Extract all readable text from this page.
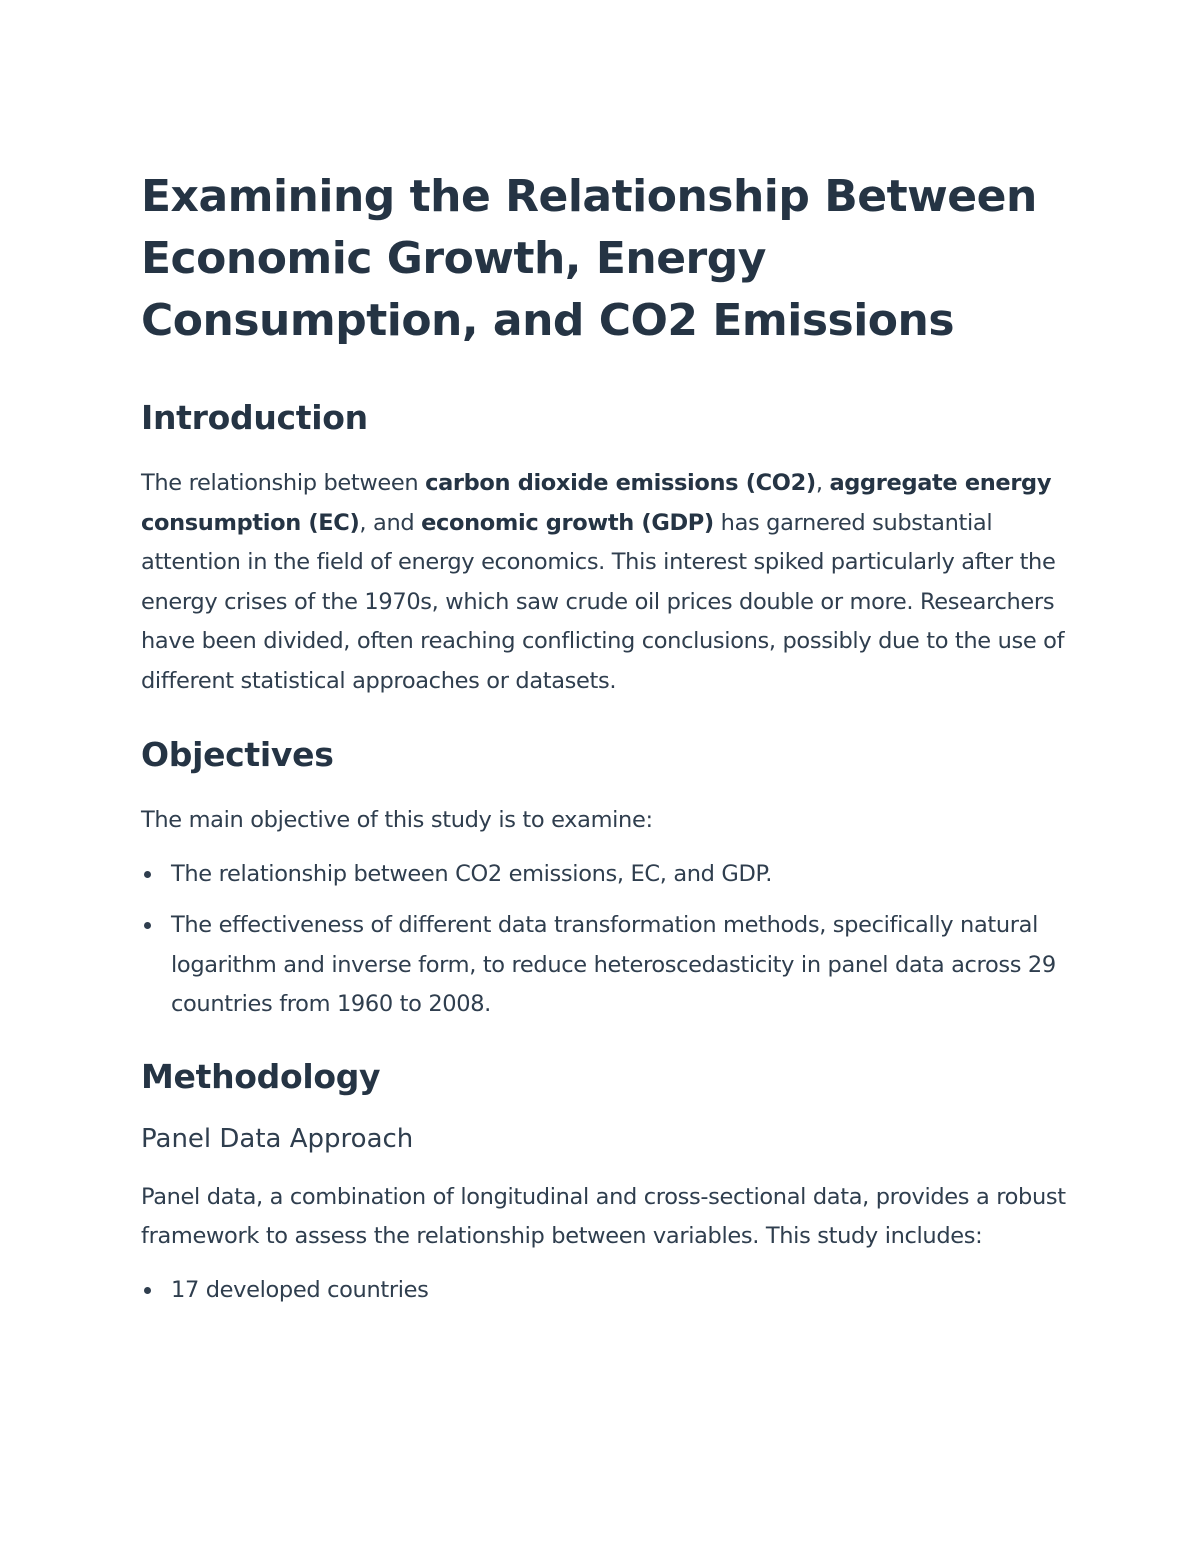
Examining the Relationship Between Economic Growth, Energy Consumption, and CO2 Emissions
Introduction

The relationship between carbon dioxide emissions (CO2), aggregate energy consumption (EC), and economic growth (GDP) has garnered substantial attention in the field of energy economics. This interest spiked particularly after the energy crises of the 1970s, which saw crude oil prices double or more. Researchers have been divided, often reaching conflicting conclusions, possibly due to the use of different statistical approaches or datasets.

Objectives

The main objective of this study is to examine:

The relationship between CO2 emissions, EC, and GDP.
The effectiveness of different data transformation methods, specifically natural logarithm and inverse form, to reduce heteroscedasticity in panel data across 29 countries from 1960 to 2008.
Methodology
Panel Data Approach

Panel data, a combination of longitudinal and cross-sectional data, provides a robust framework to assess the relationship between variables. This study includes:

17 developed countries
